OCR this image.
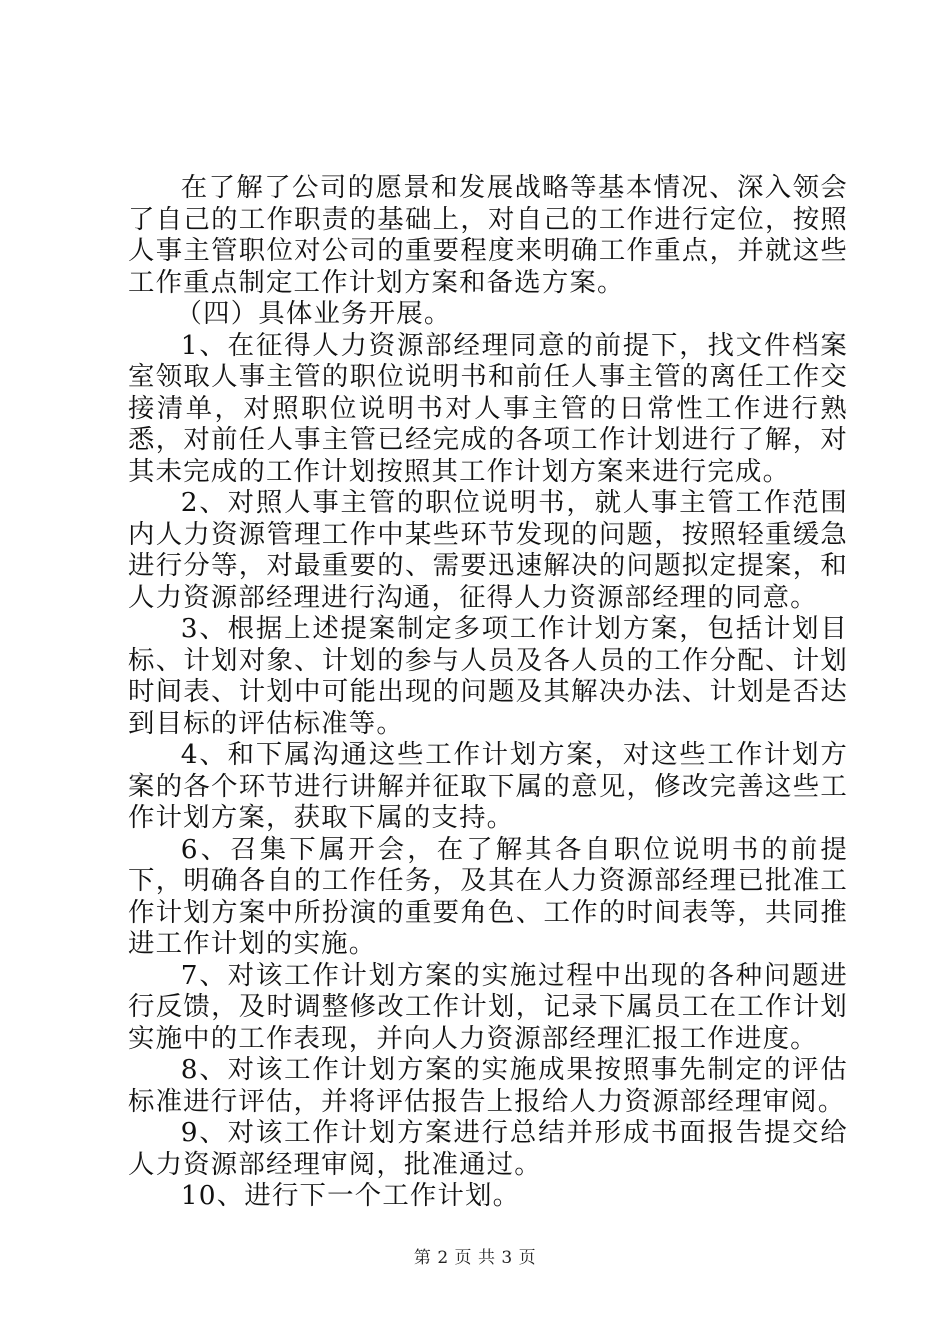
在了解了公司的愿景和发展战略等基本情况、深入领会了自己的工作职责的基础上，对自己的工作进行定位，按照人事主管职位对公司的重要程度来明确工作重点，并就这些工作重点制定工作计划方案和备选方案。

（四）具体业务开展。

1、在征得人力资源部经理同意的前提下，找文件档案室领取人事主管的职位说明书和前任人事主管的离任工作交接清单，对照职位说明书对人事主管的日常性工作进行熟悉，对前任人事主管已经完成的各项工作计划进行了解，对其未完成的工作计划按照其工作计划方案来进行完成。

2、对照人事主管的职位说明书，就人事主管工作范围内人力资源管理工作中某些环节发现的问题，按照轻重缓急进行分等，对最重要的、需要迅速解决的问题拟定提案，和人力资源部经理进行沟通，征得人力资源部经理的同意。

3、根据上述提案制定多项工作计划方案，包括计划目标、计划对象、计划的参与人员及各人员的工作分配、计划时间表、计划中可能出现的问题及其解决办法、计划是否达到目标的评估标准等。

4、和下属沟通这些工作计划方案，对这些工作计划方案的各个环节进行讲解并征取下属的意见，修改完善这些工作计划方案，获取下属的支持。

6、召集下属开会，在了解其各自职位说明书的前提下，明确各自的工作任务，及其在人力资源部经理已批准工作计划方案中所扮演的重要角色、工作的时间表等，共同推进工作计划的实施。

7、对该工作计划方案的实施过程中出现的各种问题进行反馈，及时调整修改工作计划，记录下属员工在工作计划实施中的工作表现，并向人力资源部经理汇报工作进度。

8、对该工作计划方案的实施成果按照事先制定的评估标准进行评估，并将评估报告上报给人力资源部经理审阅。

9、对该工作计划方案进行总结并形成书面报告提交给人力资源部经理审阅，批准通过。

10、进行下一个工作计划。

第 2 页 共 3 页
